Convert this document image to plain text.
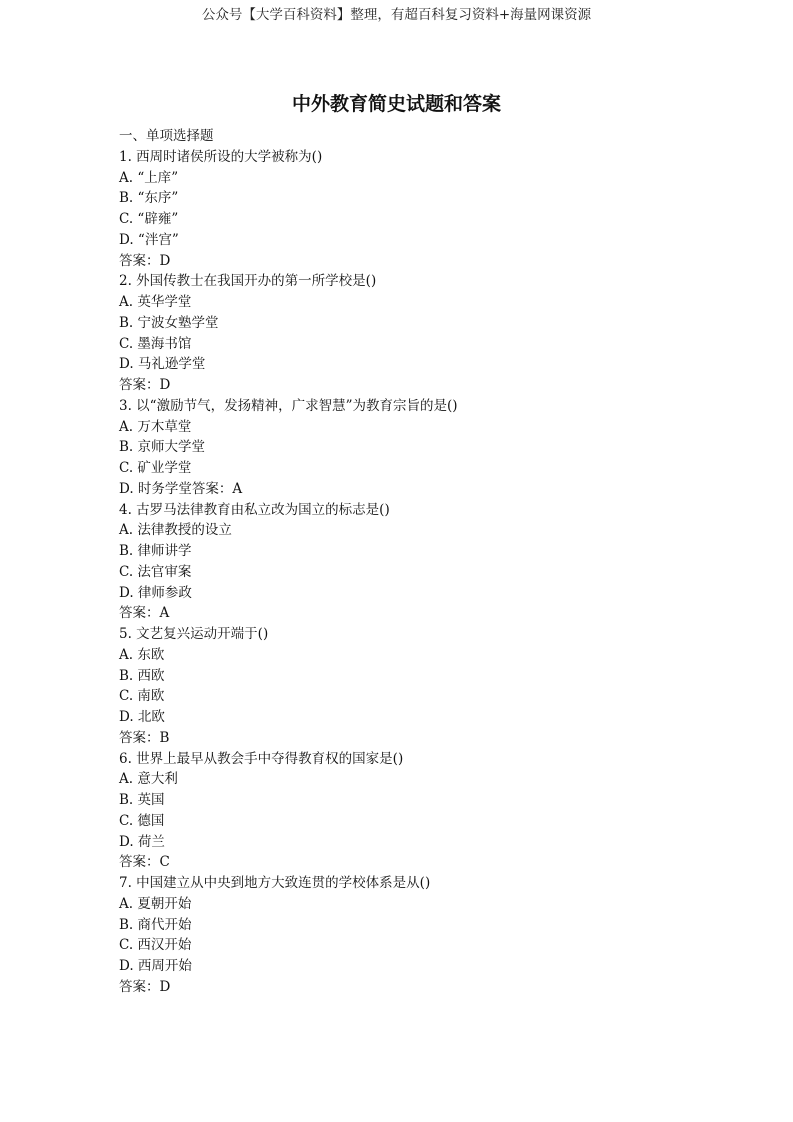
公众号【大学百科资料】整理，有超百科复习资料+海量网课资源
中外教育简史试题和答案
一、单项选择题
1. 西周时诸侯所设的大学被称为()
A. “上庠”
B. “东序”
C. “辟雍”
D. “泮宫”
答案：D
2. 外国传教士在我国开办的第一所学校是()
A. 英华学堂
B. 宁波女塾学堂
C. 墨海书馆
D. 马礼逊学堂
答案：D
3. 以“激励节气，发扬精神，广求智慧”为教育宗旨的是()
A. 万木草堂
B. 京师大学堂
C. 矿业学堂
D. 时务学堂答案：A
4. 古罗马法律教育由私立改为国立的标志是()
A. 法律教授的设立
B. 律师讲学
C. 法官审案
D. 律师参政
答案：A
5. 文艺复兴运动开端于()
A. 东欧
B. 西欧
C. 南欧
D. 北欧
答案：B
6. 世界上最早从教会手中夺得教育权的国家是()
A. 意大利
B. 英国
C. 德国
D. 荷兰
答案：C
7. 中国建立从中央到地方大致连贯的学校体系是从()
A. 夏朝开始
B. 商代开始
C. 西汉开始
D. 西周开始
答案：D
